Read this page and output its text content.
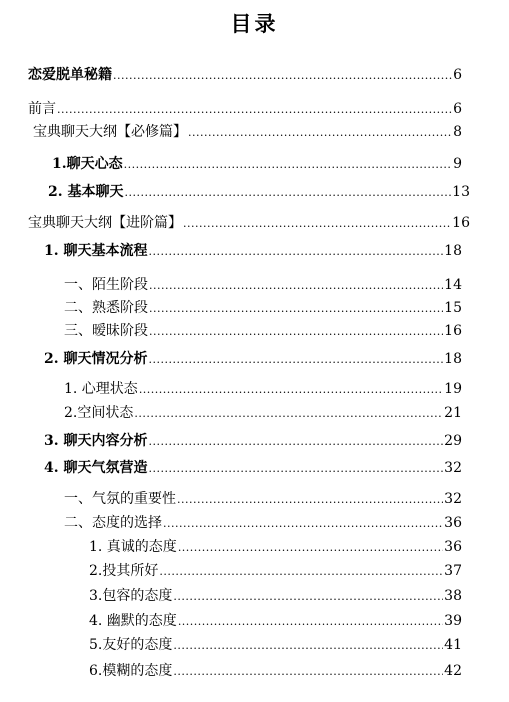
目录
恋爱脱单秘籍 .....	6
前言 .....	6
宝典聊天大纲【必修篇】 .....	8
1.聊天心态 .....	9
2. 基本聊天 .....	13
宝典聊天大纲【进阶篇】 .....	16
1. 聊天基本流程 .....	18
一、陌生阶段 .....	14
二、熟悉阶段 .....	15
三、暧昧阶段 .....	16
2. 聊天情况分析 .....	18
1. 心理状态 .....	19
2.空间状态 .....	21
3. 聊天内容分析 .....	29
4. 聊天气氛营造 .....	32
一、气氛的重要性 .....	32
二、态度的选择 .....	36
1. 真诚的态度 .....	36
2.投其所好 .....	37
3.包容的态度 .....	38
4. 幽默的态度 .....	39
5.友好的态度 .....	41
6.模糊的态度 .....	42
